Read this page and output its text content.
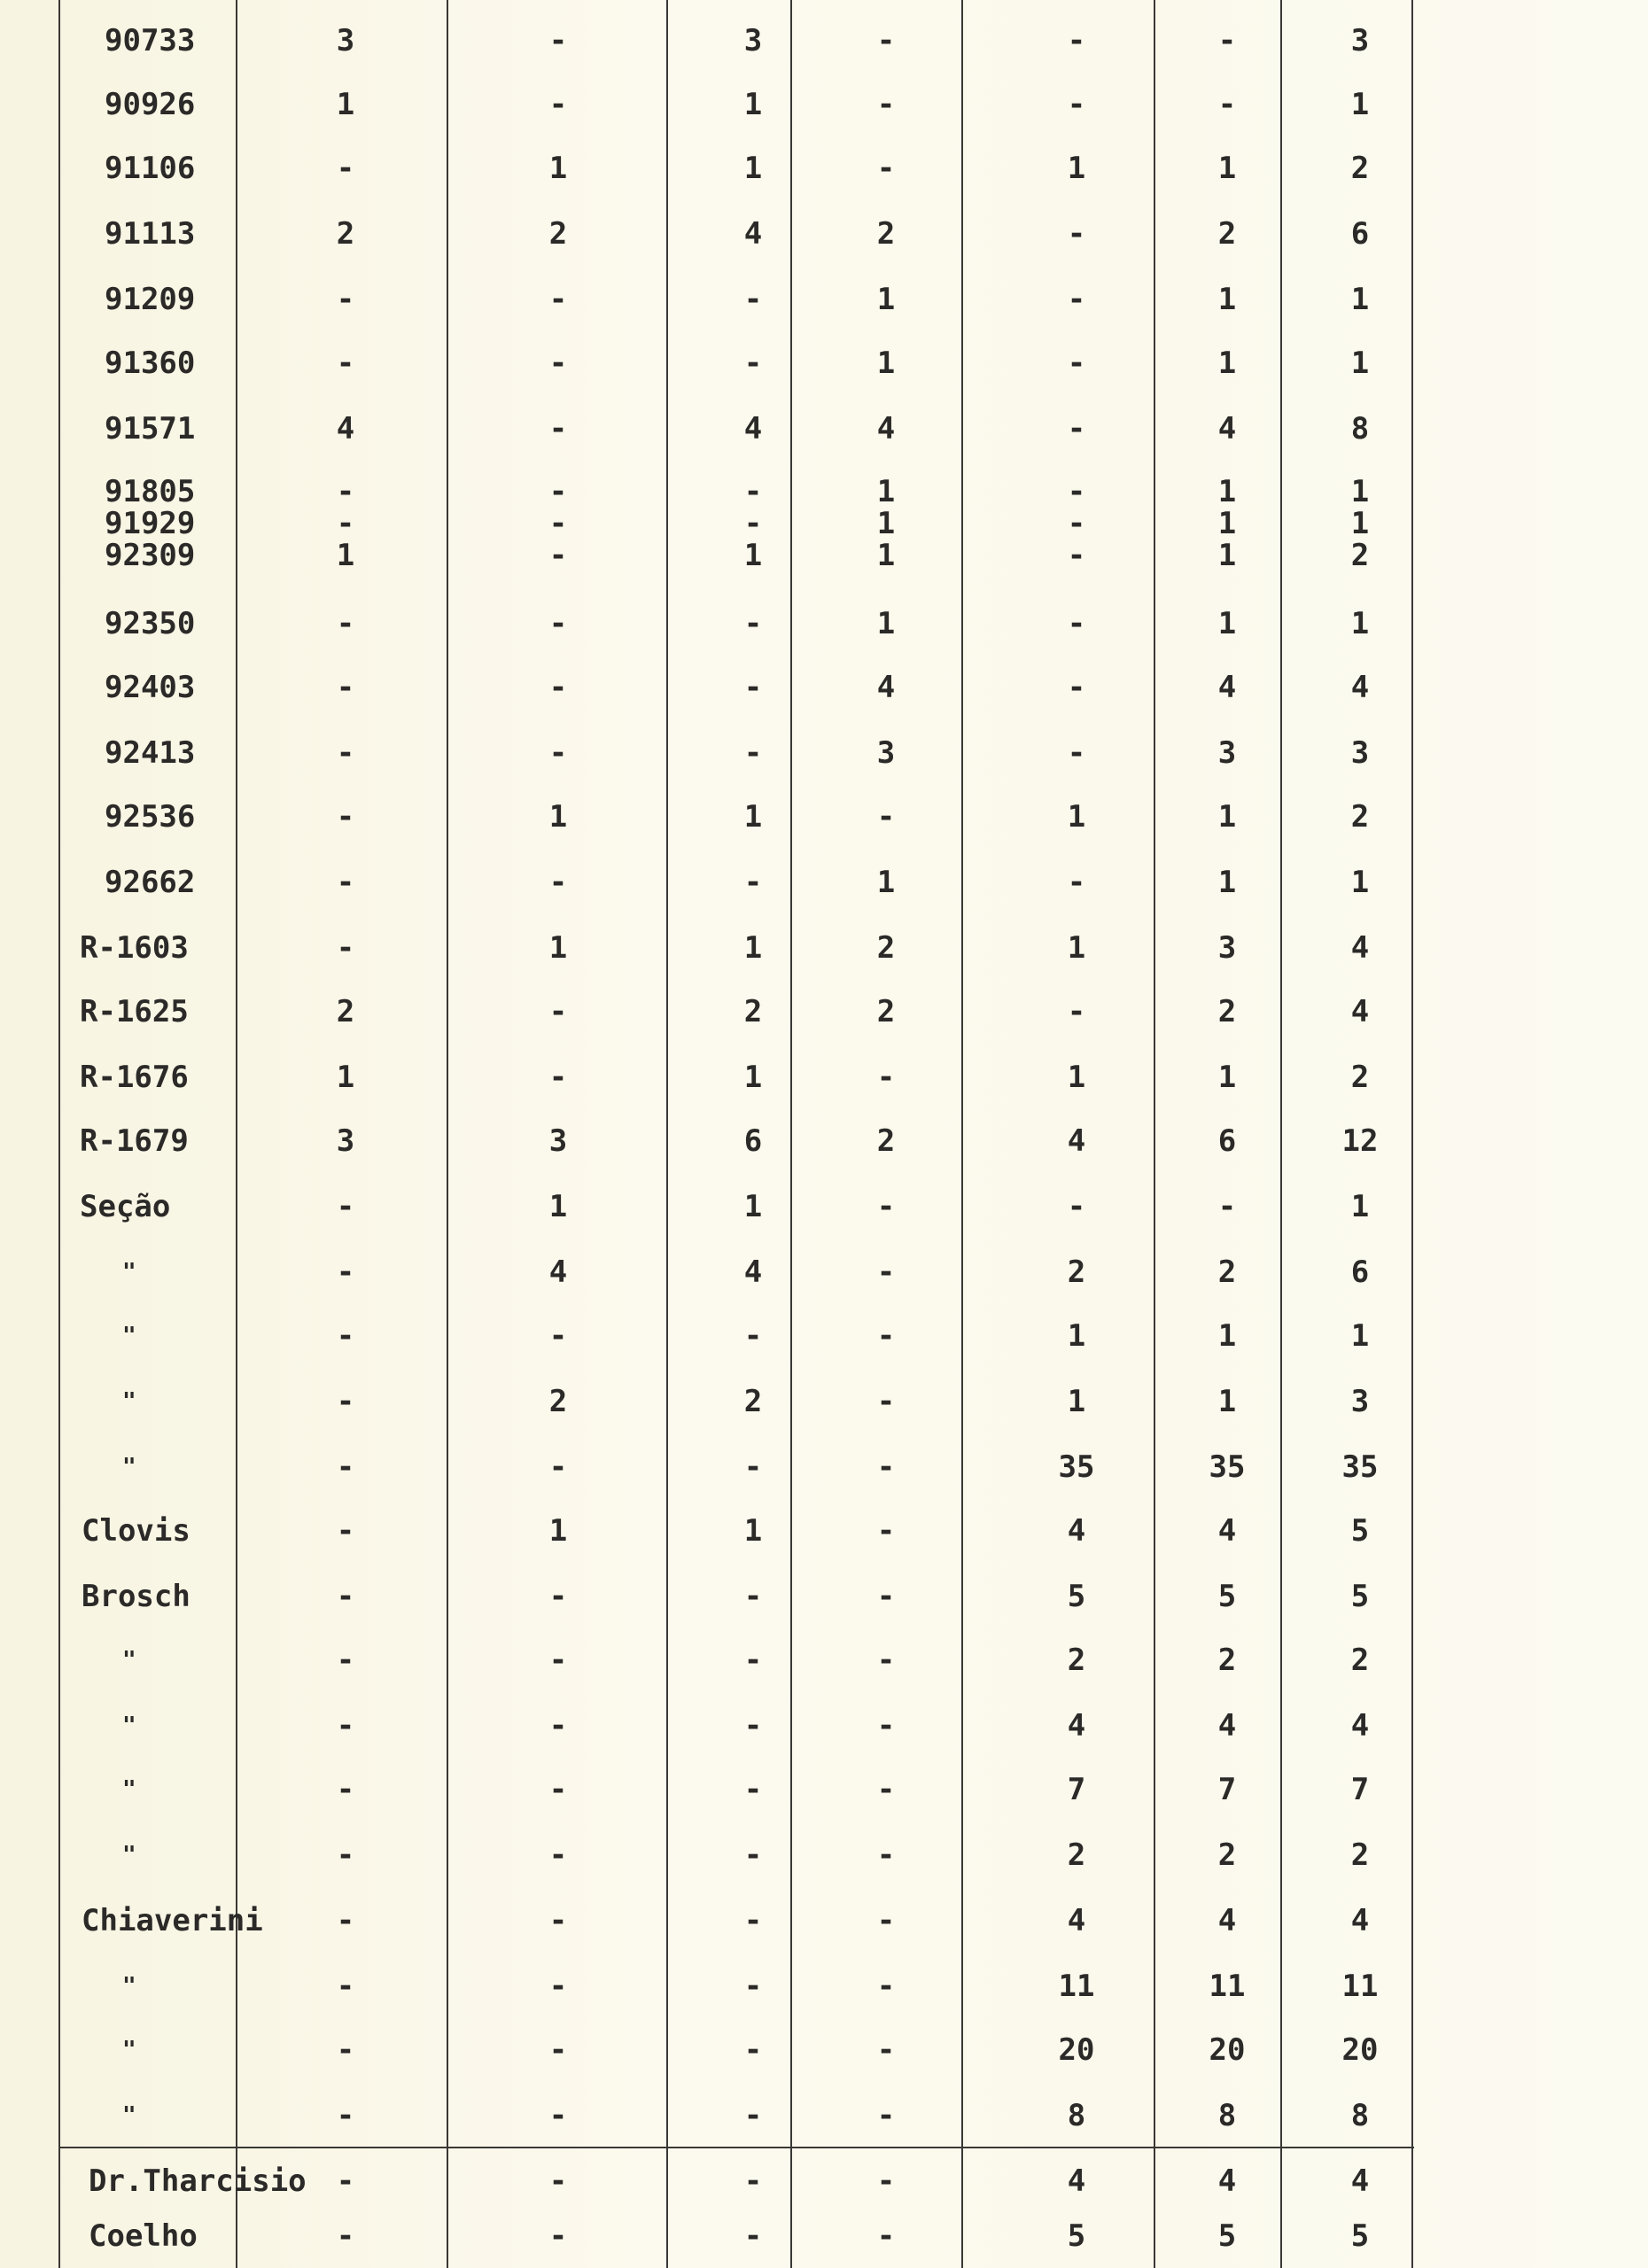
90733	3	-	3	-	-	-	3
90926	1	-	1	-	-	-	1
91106	-	1	1	-	1	1	2
91113	2	2	4	2	-	2	6
91209	-	-	-	1	-	1	1
91360	-	-	-	1	-	1	1
91571	4	-	4	4	-	4	8
91805	-	-	-	1	-	1	1
91929	-	-	-	1	-	1	1
92309	1	-	1	1	-	1	2
92350	-	-	-	1	-	1	1
92403	-	-	-	4	-	4	4
92413	-	-	-	3	-	3	3
92536	-	1	1	-	1	1	2
92662	-	-	-	1	-	1	1
R-1603	-	1	1	2	1	3	4
R-1625	2	-	2	2	-	2	4
R-1676	1	-	1	-	1	1	2
R-1679	3	3	6	2	4	6	12
Seção	-	1	1	-	-	-	1
"	-	4	4	-	2	2	6
"	-	-	-	-	1	1	1
"	-	2	2	-	1	1	3
"	-	-	-	-	35	35	35
Clovis	-	1	1	-	4	4	5
Brosch	-	-	-	-	5	5	5
"	-	-	-	-	2	2	2
"	-	-	-	-	4	4	4
"	-	-	-	-	7	7	7
"	-	-	-	-	2	2	2
Chiaverini	-	-	-	-	4	4	4
"	-	-	-	-	11	11	11
"	-	-	-	-	20	20	20
"	-	-	-	-	8	8	8
Dr.Tharcisio	-	-	-	-	4	4	4
Coelho	-	-	-	-	5	5	5
